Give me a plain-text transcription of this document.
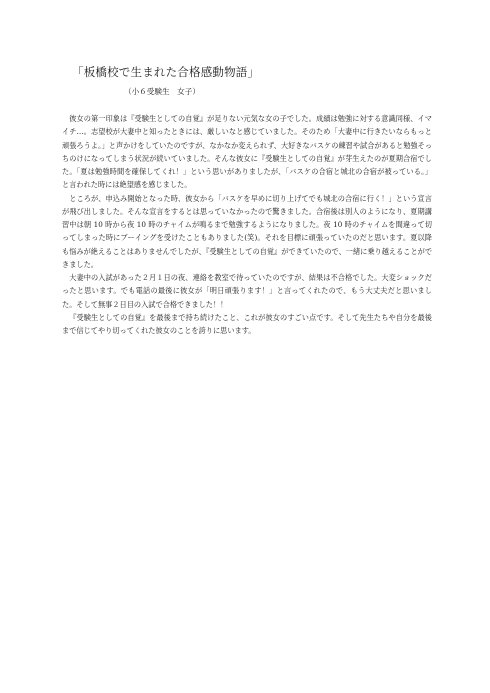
「板橋校で生まれた合格感動物語」
（小６受験生　女子）

彼女の第一印象は『受験生としての自覚』が足りない元気な女の子でした。成績は勉強に対する意識同様、イマイチ…。志望校が大妻中と知ったときには、厳しいなと感じていました。そのため「大妻中に行きたいならもっと頑張ろうよ。」と声かけをしていたのですが、なかなか変えられず、大好きなバスケの練習や試合があると勉強そっちのけになってしまう状況が続いていました。そんな彼女に『受験生としての自覚』が芽生えたのが夏期合宿でした。「夏は勉強時間を確保してくれ！」という思いがありましたが、「バスケの合宿と城北の合宿が被っている。」と言われた時には絶望感を感じました。

ところが、申込み開始となった時、彼女から「バスケを早めに切り上げてでも城北の合宿に行く！」という宣言が飛び出しました。そんな宣言をするとは思っていなかったので驚きました。合宿後は別人のようになり、夏期講習中は朝 10 時から夜 10 時のチャイムが鳴るまで勉強するようになりました。夜 10 時のチャイムを間違って切ってしまった時にブーイングを受けたこともありました(笑)。それを目標に頑張っていたのだと思います。夏以降も悩みが絶えることはありませんでしたが、『受験生としての自覚』ができていたので、一緒に乗り越えることができました。

大妻中の入試があった２月１日の夜、連絡を教室で待っていたのですが、結果は不合格でした。大変ショックだったと思います。でも電話の最後に彼女が「明日頑張ります！」と言ってくれたので、もう大丈夫だと思いました。そして無事２日目の入試で合格できました！！

『受験生としての自覚』を最後まで持ち続けたこと、これが彼女のすごい点です。そして先生たちや自分を最後まで信じてやり切ってくれた彼女のことを誇りに思います。
